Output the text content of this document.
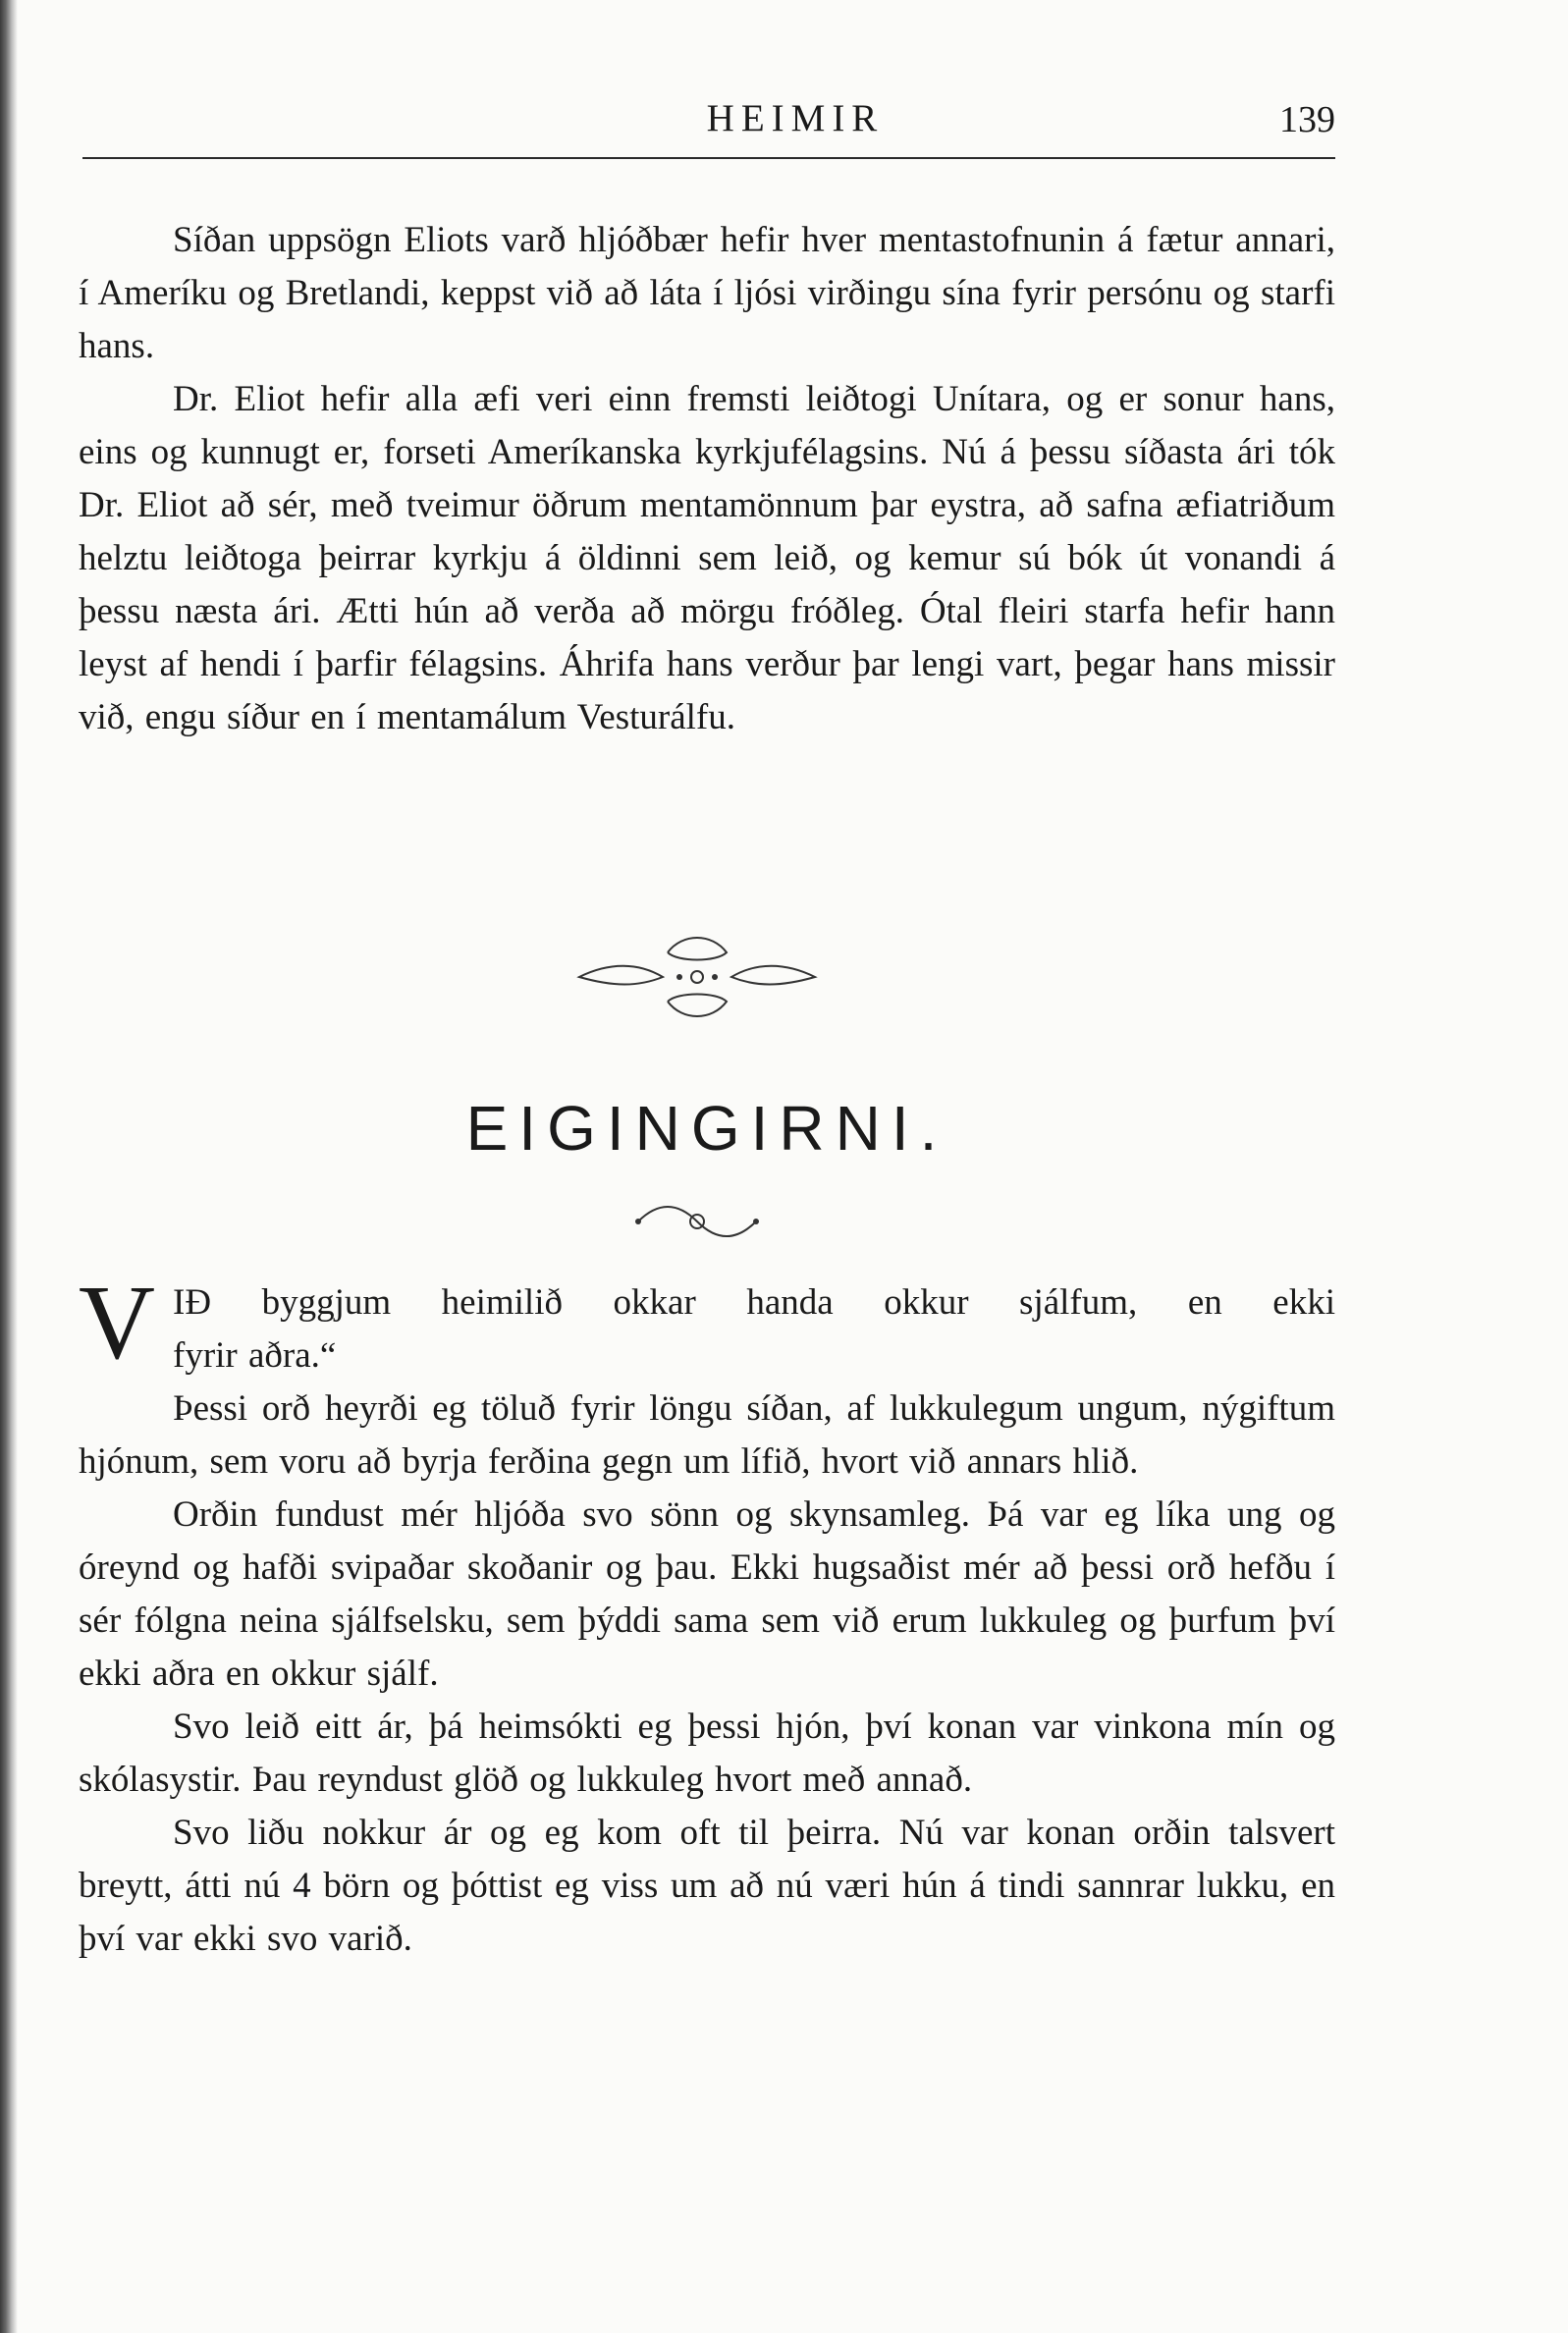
HEIMIR	139

Síðan uppsögn Eliots varð hljóðbær hefir hver mentastofnunin á fætur annari, í Ameríku og Bretlandi, keppst við að láta í ljósi virðingu sína fyrir persónu og starfi hans.

Dr. Eliot hefir alla æfi veri einn fremsti leiðtogi Unítara, og er sonur hans, eins og kunnugt er, forseti Ameríkanska kyrkjufélagsins. Nú á þessu síðasta ári tók Dr. Eliot að sér, með tveimur öðrum mentamönnum þar eystra, að safna æfiatriðum helztu leiðtoga þeirrar kyrkju á öldinni sem leið, og kemur sú bók út vonandi á þessu næsta ári. Ætti hún að verða að mörgu fróðleg. Ótal fleiri starfa hefir hann leyst af hendi í þarfir félagsins. Áhrifa hans verður þar lengi vart, þegar hans missir við, engu síður en í mentamálum Vesturálfu.

EIGINGIRNI.
V IÐ byggjum heimilið okkar handa okkur sjálfum, en ekki
fyrir aðra.“

Þessi orð heyrði eg töluð fyrir löngu síðan, af lukkulegum ungum, nýgiftum hjónum, sem voru að byrja ferðina gegn um lífið, hvort við annars hlið.

Orðin fundust mér hljóða svo sönn og skynsamleg. Þá var eg líka ung og óreynd og hafði svipaðar skoðanir og þau. Ekki hugsaðist mér að þessi orð hefðu í sér fólgna neina sjálfselsku, sem þýddi sama sem við erum lukkuleg og þurfum því ekki aðra en okkur sjálf.

Svo leið eitt ár, þá heimsókti eg þessi hjón, því konan var vinkona mín og skólasystir. Þau reyndust glöð og lukkuleg hvort með annað.

Svo liðu nokkur ár og eg kom oft til þeirra. Nú var konan orðin talsvert breytt, átti nú 4 börn og þóttist eg viss um að nú væri hún á tindi sannrar lukku, en því var ekki svo varið.
